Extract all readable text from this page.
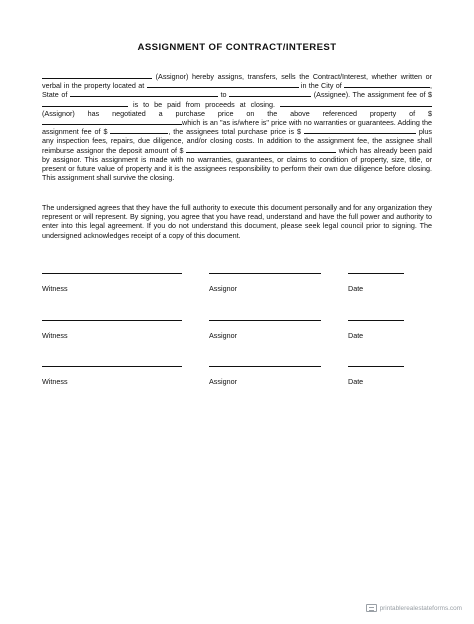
ASSIGNMENT OF CONTRACT/INTEREST

(Assignor) hereby assigns, transfers, sells the Contract/Interest, whether written or verbal in the property located at	in the City of	, State of	to	(Assignee). The assignment fee of $  is to be paid from proceeds at closing.  (Assignor) has negotiated a purchase price on the above referenced property of $ which is an "as is/where is" price with no warranties or guarantees. Adding the assignment fee of $	, the assignees total purchase price is $	plus any inspection fees, repairs, due diligence, and/or closing costs. In addition to the assignment fee, the assignee shall reimburse assignor the deposit amount of $	which has already been paid by assignor. This assignment is made with no warranties, guarantees, or claims to condition of property, size, title, or present or future value of property and it is the assignees responsibility to perform their own due diligence before closing. This assignment shall survive the closing.

The undersigned agrees that they have the full authority to execute this document personally and for any organization they represent or will represent. By signing, you agree that you have read, understand and have the full power and authority to enter into this legal agreement. If you do not understand this document, please seek legal council prior to signing. The undersigned acknowledges receipt of a copy of this document.

Witness	Assignor	Date
Witness	Assignor	Date
Witness	Assignor	Date
printablerealestateforms.com
